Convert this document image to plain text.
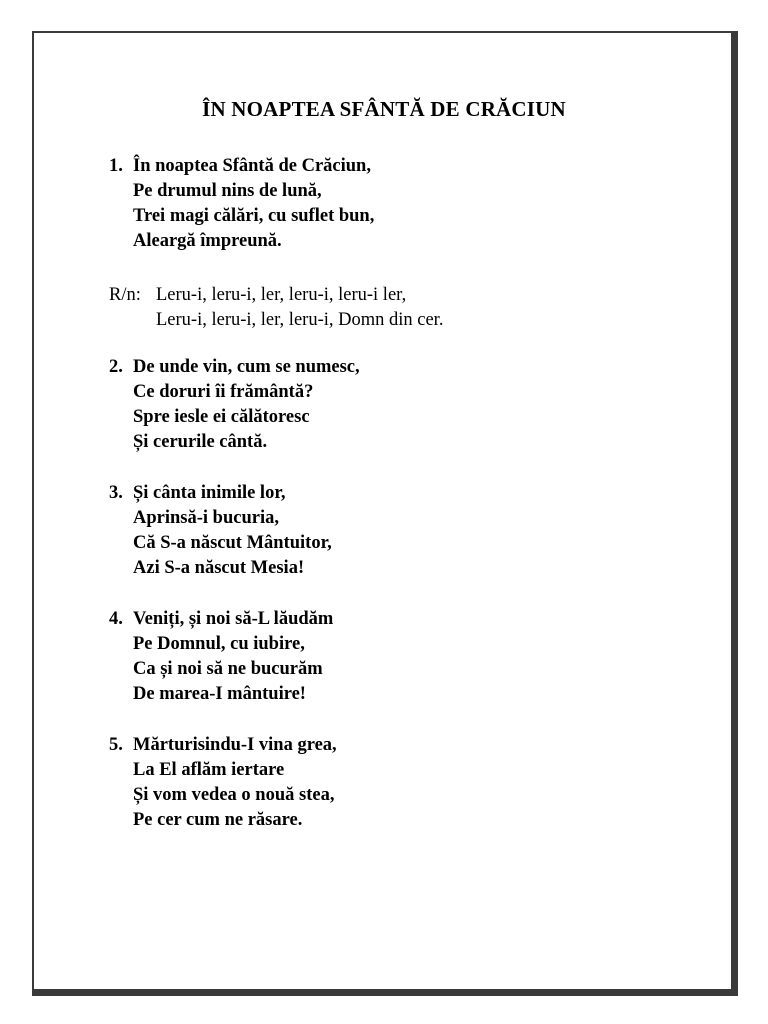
ÎN NOAPTEA SFÂNTĂ DE CRĂCIUN
1. În noaptea Sfântă de Crăciun,
Pe drumul nins de lună,
Trei magi călări, cu suflet bun,
Aleargă împreună.
R/n: Leru-i, leru-i, ler, leru-i, leru-i ler,
Leru-i, leru-i, ler, leru-i, Domn din cer.
2. De unde vin, cum se numesc,
Ce doruri îi frământă?
Spre iesle ei călătoresc
Și cerurile cântă.
3. Și cânta inimile lor,
Aprinsă-i bucuria,
Că S-a născut Mântuitor,
Azi S-a născut Mesia!
4. Veniți, și noi să-L lăudăm
Pe Domnul, cu iubire,
Ca și noi să ne bucurăm
De marea-I mântuire!
5. Mărturisindu-I vina grea,
La El aflăm iertare
Și vom vedea o nouă stea,
Pe cer cum ne răsare.
